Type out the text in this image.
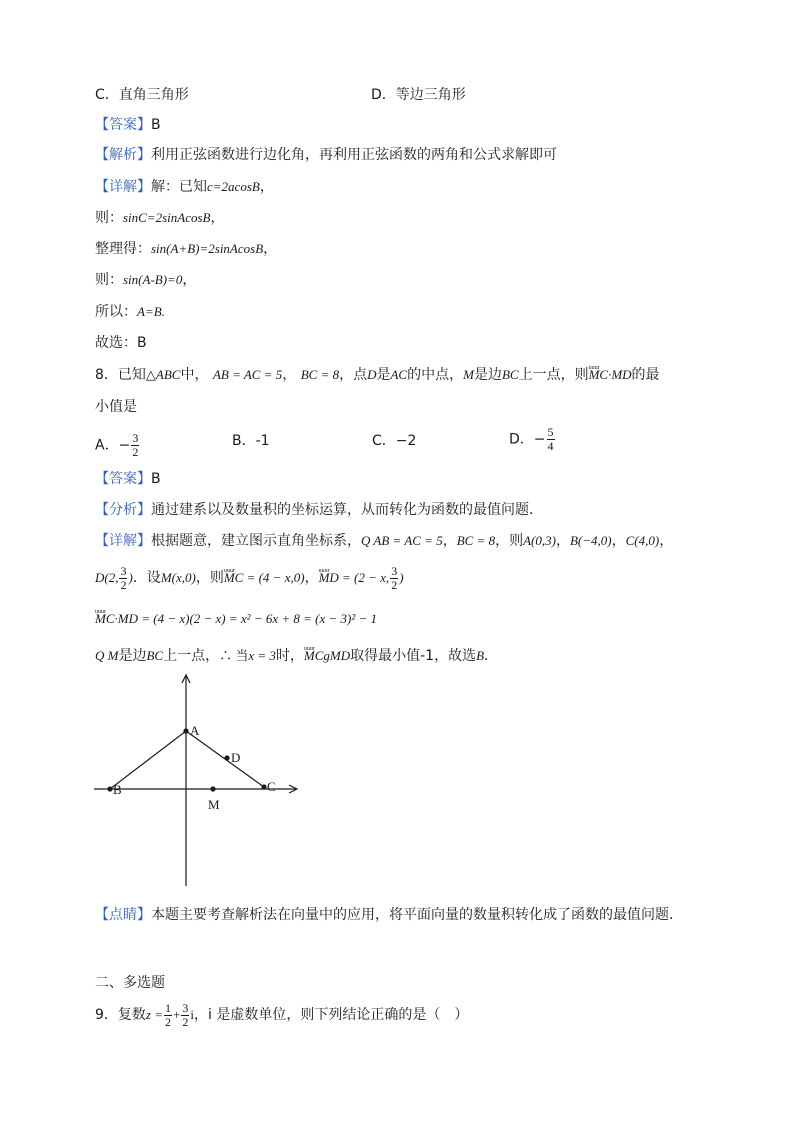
C．直角三角形	D．等边三角形
【答案】B
【解析】利用正弦函数进行边化角，再利用正弦函数的两角和公式求解即可
【详解】解：已知c=2acosB，
则：sinC=2sinAcosB，
整理得：sin(A+B)=2sinAcosB，
则：sin(A-B)=0，
所以：A=B.
故选：B
8．已知△ABC中， AB = AC = 5， BC = 8，点D是AC的中点，M是边BC上一点，则uuur MC·MD的最
小值是
A．− $\frac{3}{2}$	B．-1	C．−2	D．− $\frac{5}{4}$
【答案】B
【分析】通过建系以及数量积的坐标运算，从而转化为函数的最值问题．
【详解】根据题意，建立图示直角坐标系，Q AB = AC = 5，BC = 8，则A(0,3)，B(−4,0)，C(4,0)，
D(2, $\frac{3}{2}$ )．设M(x,0)，则uuur MC = (4 − x,0)，uuur MD = (2 − x, $\frac{3}{2}$ )
uuur MC·MD = (4 − x)(2 − x) = x² − 6x + 8 = (x − 3)² − 1
Q M是边BC上一点，∴ 当x = 3时，uuur MCgMD取得最小值-1，故选B．
A
B	C
D
M
【点睛】本题主要考查解析法在向量中的应用，将平面向量的数量积转化成了函数的最值问题．
二、多选题
9．复数$z = \frac{1}{2} + \frac{3}{2}$ i，i 是虚数单位，则下列结论正确的是（　）
